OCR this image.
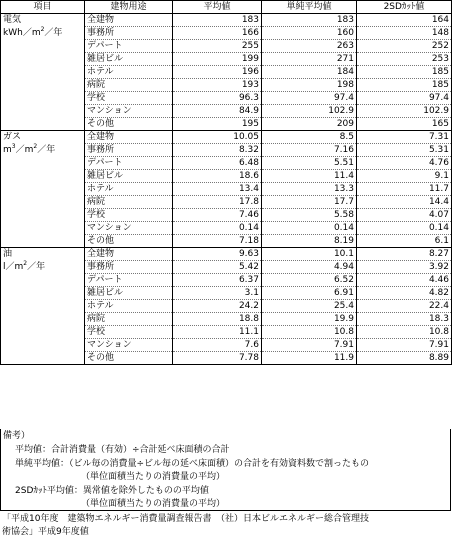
項目	建物用途	平均値	単純平均値	2SDｶｯﾄ値

電気
$kWh/m^2/$年	全建物	183	183	164
	事務所	166	160	148
	デパート	255	263	252
	雑居ビル	199	271	253
	ホテル	196	184	185
	病院	193	198	185
	学校	96.3	97.4	97.4
	マンション	84.9	102.9	102.9
	その他	195	209	165

ガス
$m^3/m^2/$年	全建物	10.05	8.5	7.31
	事務所	8.32	7.16	5.31
	デパート	6.48	5.51	4.76
	雑居ビル	18.6	11.4	9.1
	ホテル	13.4	13.3	11.7
	病院	17.8	17.7	14.4
	学校	7.46	5.58	4.07
	マンション	0.14	0.14	0.14
	その他	7.18	8.19	6.1

油
$l/m^2/$年	全建物	9.63	10.1	8.27
	事務所	5.42	4.94	3.92
	デパート	6.37	6.52	4.46
	雑居ビル	3.1	6.91	4.82
	ホテル	24.2	25.4	22.4
	病院	18.8	19.9	18.3
	学校	11.1	10.8	10.8
	マンション	7.6	7.91	7.91
	その他	7.78	11.9	8.89
備考）
平均値：合計消費量（有効）÷合計延べ床面積の合計
単純平均値：（ビル毎の消費量÷ビル毎の延べ床面積）の合計を有効資料数で割ったもの
（単位面積当たりの消費量の平均）
2SDｶｯﾄ平均値：異常値を除外したものの平均値
（単位面積当たりの消費量の平均）
「平成10年度　建築物エネルギー消費量調査報告書　（社）日本ビルエネルギー総合管理技
術協会」平成9年度値
